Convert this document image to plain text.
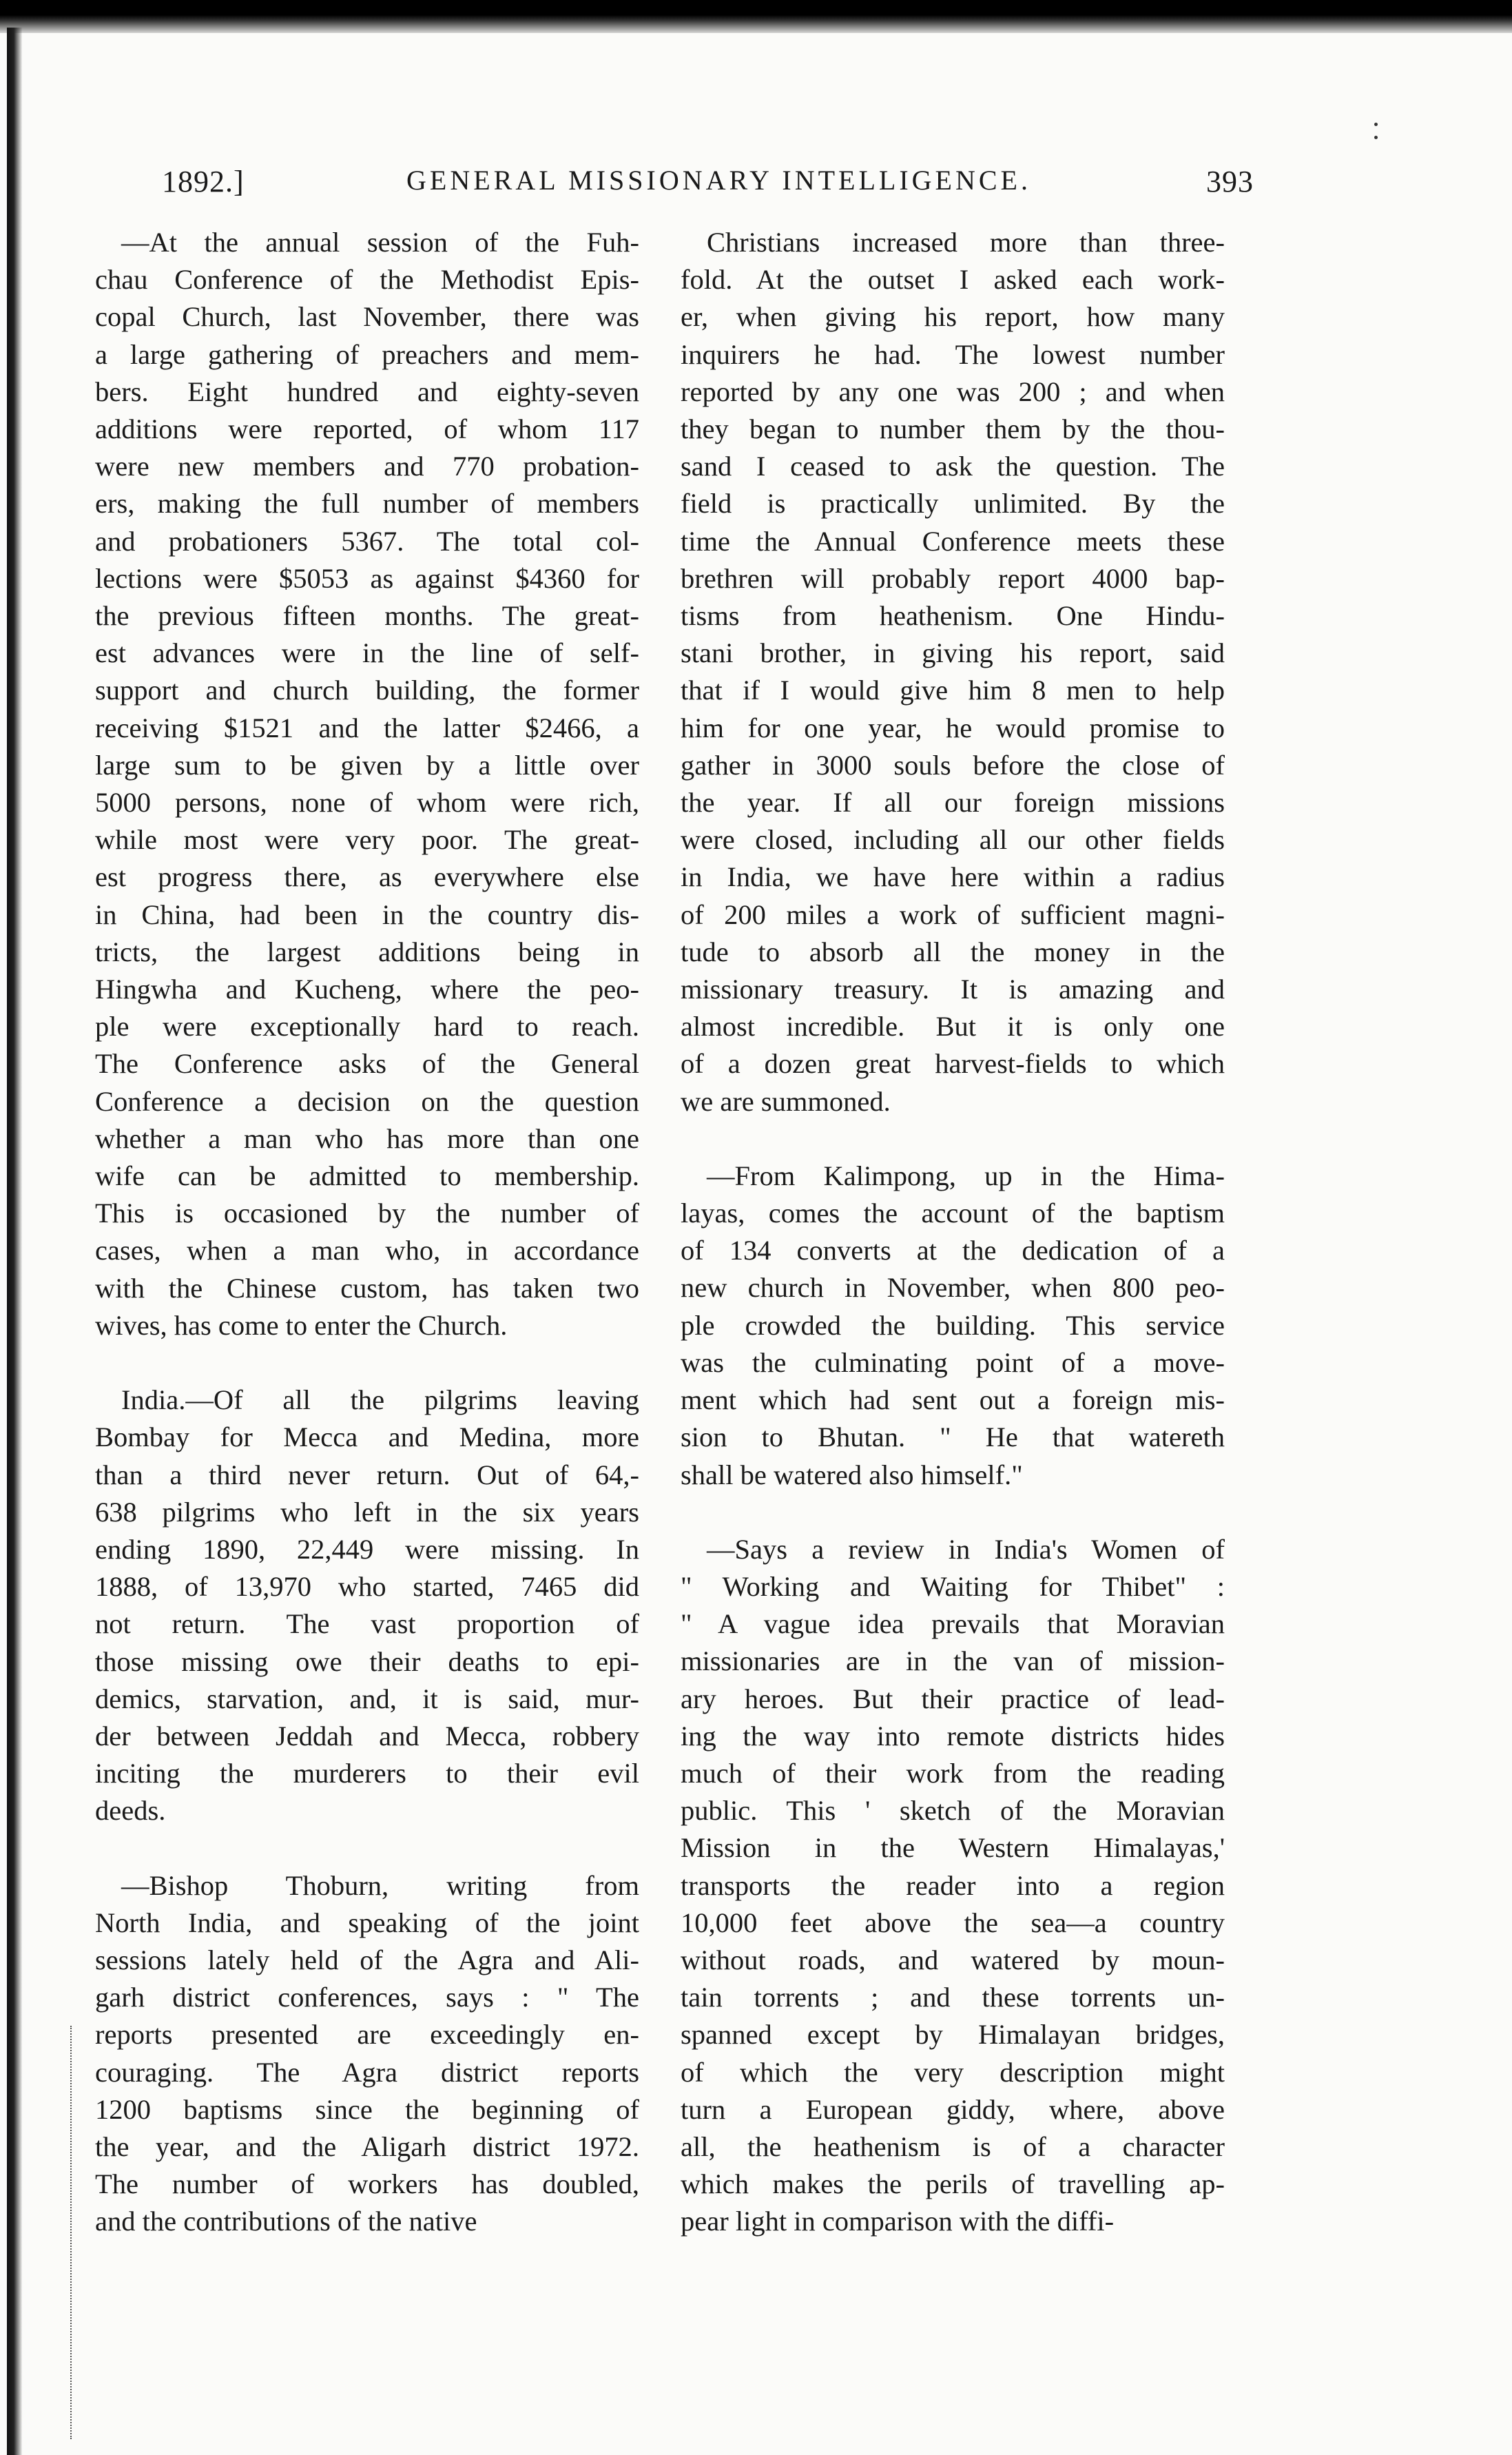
1892.]	GENERAL MISSIONARY INTELLIGENCE.	393

—At the annual session of the Fuh-
chau Conference of the Methodist Epis-
copal Church, last November, there was
a large gathering of preachers and mem-
bers. Eight hundred and eighty-seven
additions were reported, of whom 117
were new members and 770 probation-
ers, making the full number of members
and probationers 5367. The total col-
lections were $5053 as against $4360 for
the previous fifteen months. The great-
est advances were in the line of self-
support and church building, the former
receiving $1521 and the latter $2466, a
large sum to be given by a little over
5000 persons, none of whom were rich,
while most were very poor. The great-
est progress there, as everywhere else
in China, had been in the country dis-
tricts, the largest additions being in
Hingwha and Kucheng, where the peo-
ple were exceptionally hard to reach.
The Conference asks of the General
Conference a decision on the question
whether a man who has more than one
wife can be admitted to membership.
This is occasioned by the number of
cases, when a man who, in accordance
with the Chinese custom, has taken two
wives, has come to enter the Church.

India.—Of all the pilgrims leaving
Bombay for Mecca and Medina, more
than a third never return. Out of 64,-
638 pilgrims who left in the six years
ending 1890, 22,449 were missing. In
1888, of 13,970 who started, 7465 did
not return. The vast proportion of
those missing owe their deaths to epi-
demics, starvation, and, it is said, mur-
der between Jeddah and Mecca, robbery
inciting the murderers to their evil
deeds.

—Bishop Thoburn, writing from
North India, and speaking of the joint
sessions lately held of the Agra and Ali-
garh district conferences, says : " The
reports presented are exceedingly en-
couraging. The Agra district reports
1200 baptisms since the beginning of
the year, and the Aligarh district 1972.
The number of workers has doubled,
and the contributions of the native

Christians increased more than three-
fold. At the outset I asked each work-
er, when giving his report, how many
inquirers he had. The lowest number
reported by any one was 200 ; and when
they began to number them by the thou-
sand I ceased to ask the question. The
field is practically unlimited. By the
time the Annual Conference meets these
brethren will probably report 4000 bap-
tisms from heathenism. One Hindu-
stani brother, in giving his report, said
that if I would give him 8 men to help
him for one year, he would promise to
gather in 3000 souls before the close of
the year. If all our foreign missions
were closed, including all our other fields
in India, we have here within a radius
of 200 miles a work of sufficient magni-
tude to absorb all the money in the
missionary treasury. It is amazing and
almost incredible. But it is only one
of a dozen great harvest-fields to which
we are summoned.

—From Kalimpong, up in the Hima-
layas, comes the account of the baptism
of 134 converts at the dedication of a
new church in November, when 800 peo-
ple crowded the building. This service
was the culminating point of a move-
ment which had sent out a foreign mis-
sion to Bhutan. " He that watereth
shall be watered also himself."

—Says a review in India's Women of
" Working and Waiting for Thibet" :
" A vague idea prevails that Moravian
missionaries are in the van of mission-
ary heroes. But their practice of lead-
ing the way into remote districts hides
much of their work from the reading
public. This ' sketch of the Moravian
Mission in the Western Himalayas,'
transports the reader into a region
10,000 feet above the sea—a country
without roads, and watered by moun-
tain torrents ; and these torrents un-
spanned except by Himalayan bridges,
of which the very description might
turn a European giddy, where, above
all, the heathenism is of a character
which makes the perils of travelling ap-
pear light in comparison with the diffi-
